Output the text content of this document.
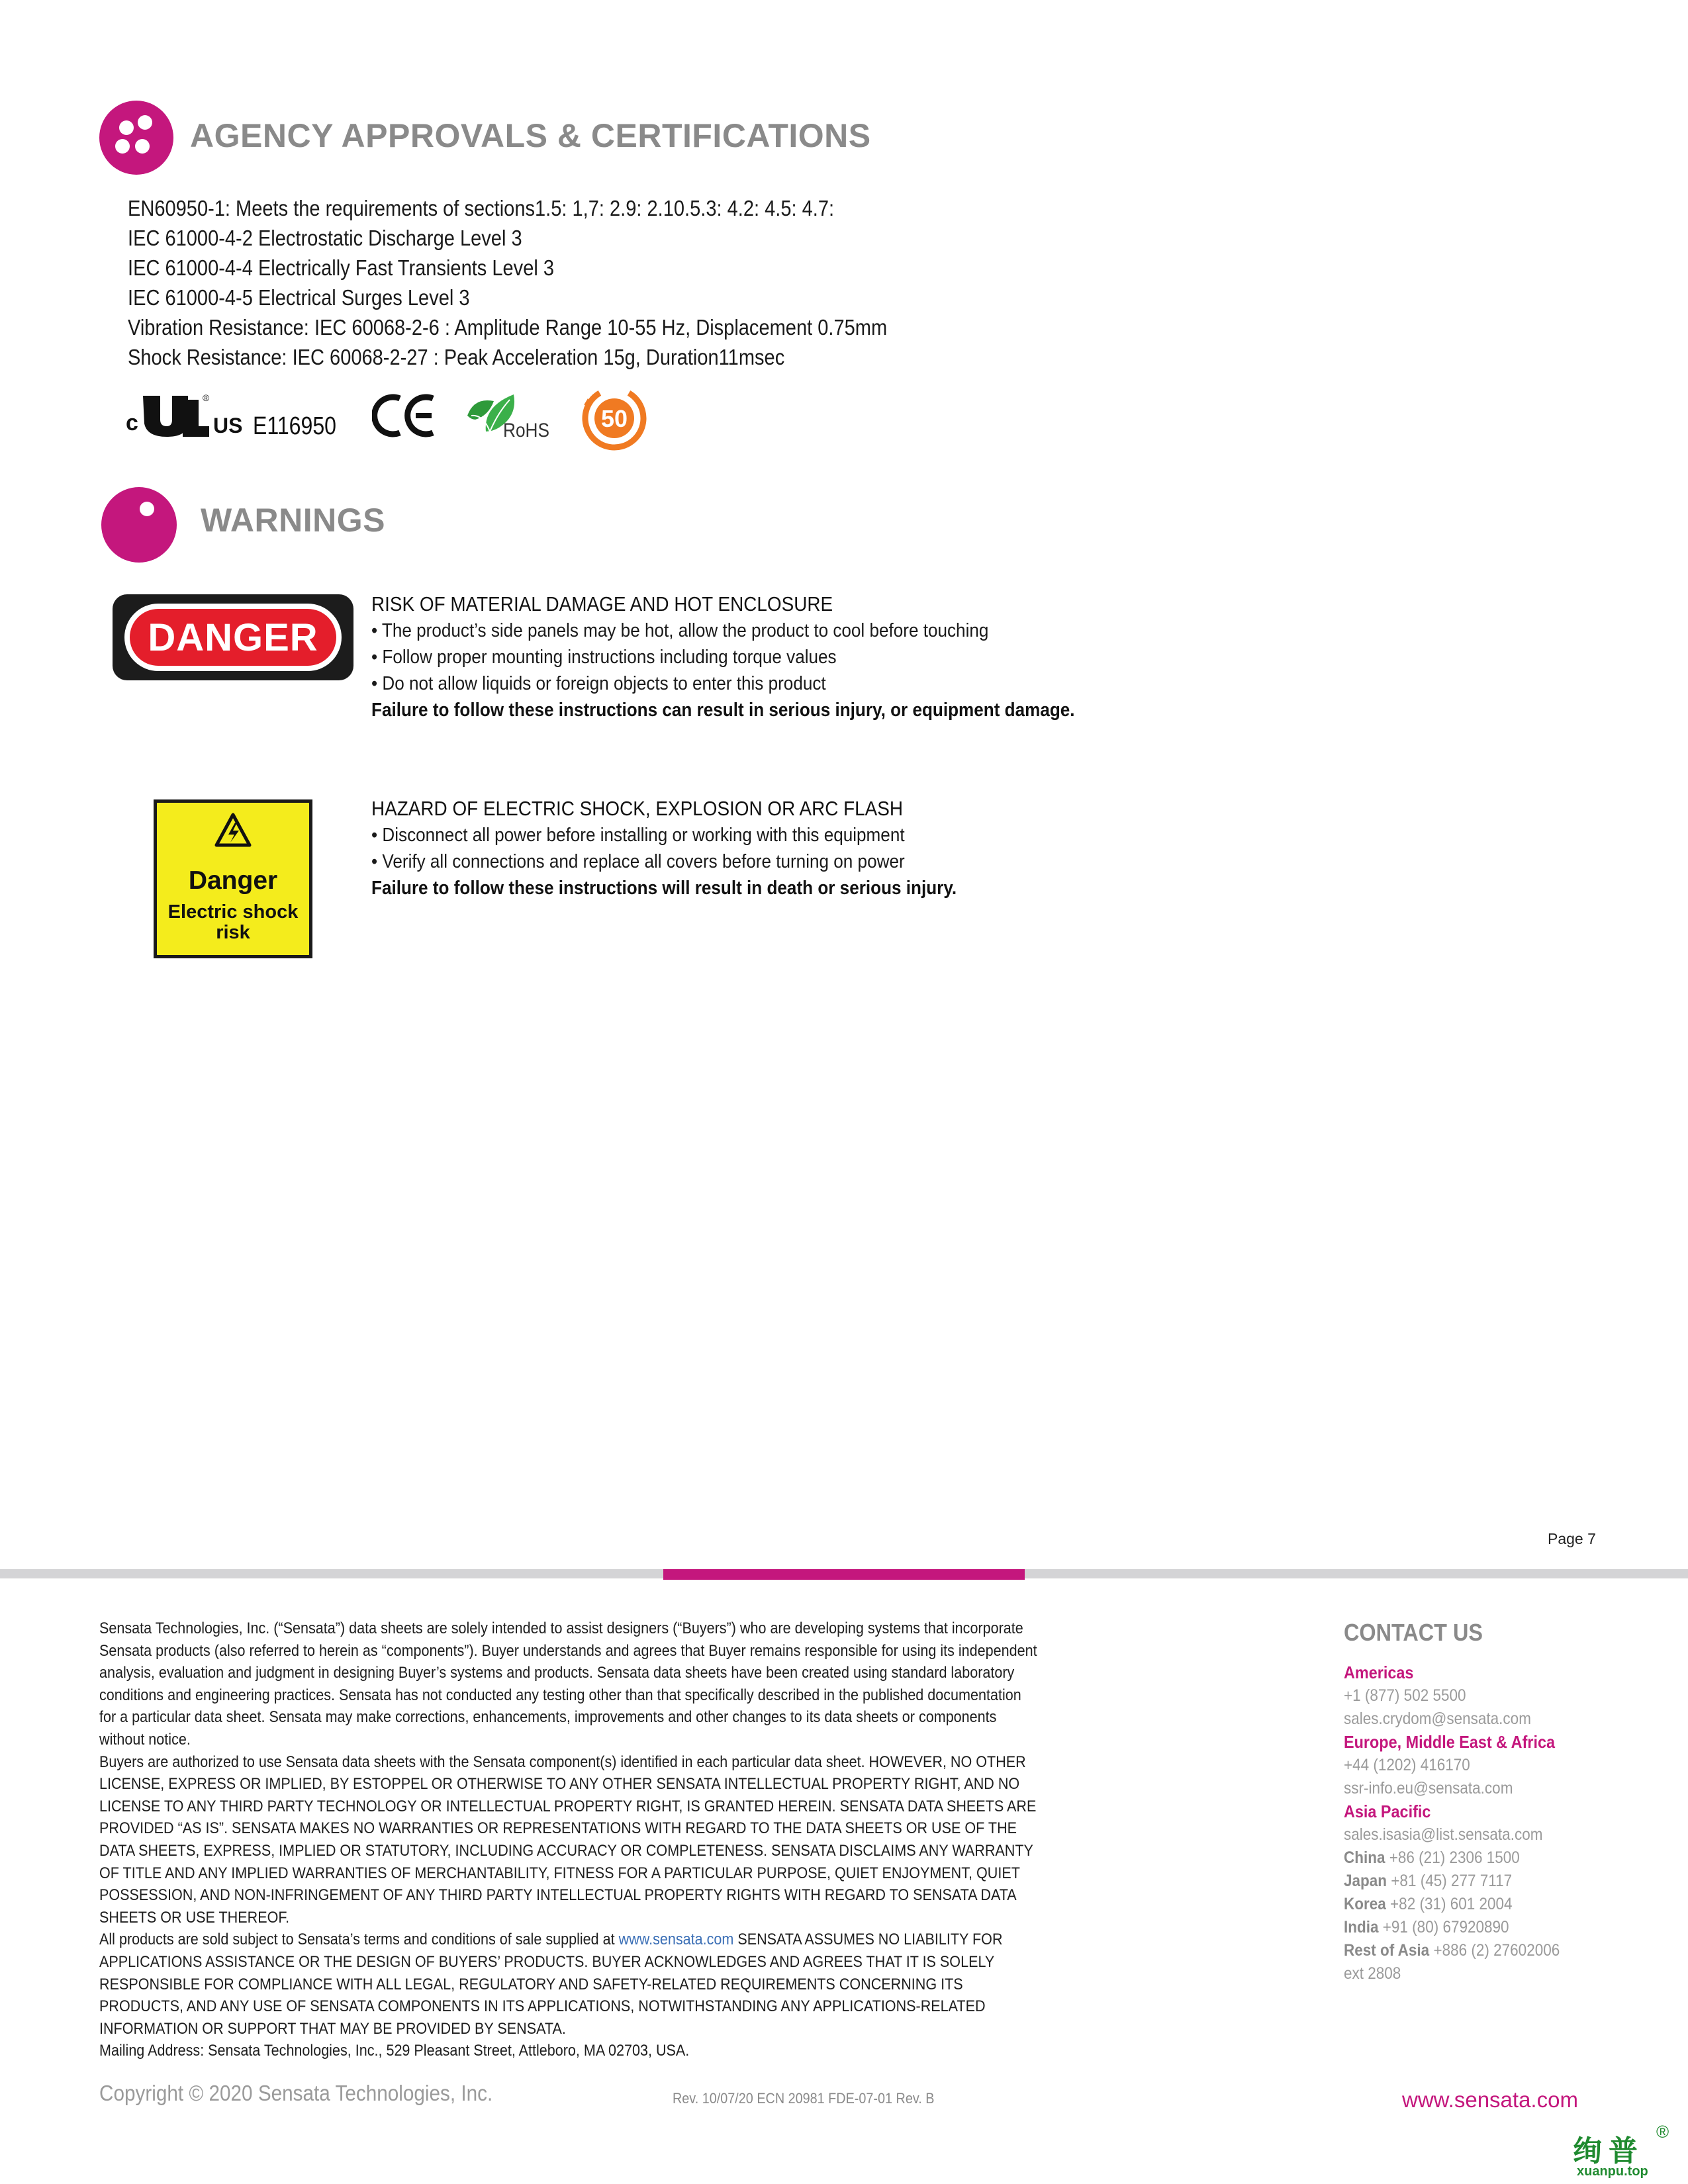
AGENCY APPROVALS & CERTIFICATIONS
EN60950-1: Meets the requirements of sections1.5: 1,7: 2.9: 2.10.5.3: 4.2: 4.5: 4.7:
IEC 61000-4-2 Electrostatic Discharge Level 3
IEC 61000-4-4 Electrically Fast Transients Level 3
IEC 61000-4-5 Electrical Surges Level 3
Vibration Resistance: IEC 60068-2-6 : Amplitude Range 10-55 Hz, Displacement 0.75mm
Shock Resistance: IEC 60068-2-27 : Peak Acceleration 15g, Duration11msec
c
®
US E116950	RoHS 50
WARNINGS
DANGER
RISK OF MATERIAL DAMAGE AND HOT ENCLOSURE
• The product’s side panels may be hot, allow the product to cool before touching
• Follow proper mounting instructions including torque values
• Do not allow liquids or foreign objects to enter this product
Failure to follow these instructions can result in serious injury, or equipment damage.
Danger
Electric shock
risk
HAZARD OF ELECTRIC SHOCK, EXPLOSION OR ARC FLASH
• Disconnect all power before installing or working with this equipment
• Verify all connections and replace all covers before turning on power
Failure to follow these instructions will result in death or serious injury.
Page 7

Sensata Technologies, Inc. (“Sensata”) data sheets are solely intended to assist designers (“Buyers”) who are developing systems that incorporate Sensata products (also referred to herein as “components”). Buyer understands and agrees that Buyer remains responsible for using its independent analysis, evaluation and judgment in designing Buyer’s systems and products. Sensata data sheets have been created using standard laboratory conditions and engineering practices. Sensata has not conducted any testing other than that specifically described in the published documentation for a particular data sheet. Sensata may make corrections, enhancements, improvements and other changes to its data sheets or components without notice.

Buyers are authorized to use Sensata data sheets with the Sensata component(s) identified in each particular data sheet. HOWEVER, NO OTHER LICENSE, EXPRESS OR IMPLIED, BY ESTOPPEL OR OTHERWISE TO ANY OTHER SENSATA INTELLECTUAL PROPERTY RIGHT, AND NO LICENSE TO ANY THIRD PARTY TECHNOLOGY OR INTELLECTUAL PROPERTY RIGHT, IS GRANTED HEREIN. SENSATA DATA SHEETS ARE PROVIDED “AS IS”. SENSATA MAKES NO WARRANTIES OR REPRESENTATIONS WITH REGARD TO THE DATA SHEETS OR USE OF THE DATA SHEETS, EXPRESS, IMPLIED OR STATUTORY, INCLUDING ACCURACY OR COMPLETENESS. SENSATA DISCLAIMS ANY WARRANTY OF TITLE AND ANY IMPLIED WARRANTIES OF MERCHANTABILITY, FITNESS FOR A PARTICULAR PURPOSE, QUIET ENJOYMENT, QUIET POSSESSION, AND NON-INFRINGEMENT OF ANY THIRD PARTY INTELLECTUAL PROPERTY RIGHTS WITH REGARD TO SENSATA DATA SHEETS OR USE THEREOF.

All products are sold subject to Sensata’s terms and conditions of sale supplied at www.sensata.com SENSATA ASSUMES NO LIABILITY FOR APPLICATIONS ASSISTANCE OR THE DESIGN OF BUYERS’ PRODUCTS. BUYER ACKNOWLEDGES AND AGREES THAT IT IS SOLELY RESPONSIBLE FOR COMPLIANCE WITH ALL LEGAL, REGULATORY AND SAFETY-RELATED REQUIREMENTS CONCERNING ITS PRODUCTS, AND ANY USE OF SENSATA COMPONENTS IN ITS APPLICATIONS, NOTWITHSTANDING ANY APPLICATIONS-RELATED INFORMATION OR SUPPORT THAT MAY BE PROVIDED BY SENSATA.

Mailing Address: Sensata Technologies, Inc., 529 Pleasant Street, Attleboro, MA 02703, USA.

CONTACT US
Americas
+1 (877) 502 5500
sales.crydom@sensata.com
Europe, Middle East & Africa
+44 (1202) 416170
ssr-info.eu@sensata.com
Asia Pacific
sales.isasia@list.sensata.com
China +86 (21) 2306 1500
Japan +81 (45) 277 7117
Korea +82 (31) 601 2004
India +91 (80) 67920890
Rest of Asia +886 (2) 27602006
ext 2808
Copyright © 2020 Sensata Technologies, Inc.	Rev. 10/07/20 ECN 20981 FDE-07-01 Rev. B	www.sensata.com
绚普
®
xuanpu.top
